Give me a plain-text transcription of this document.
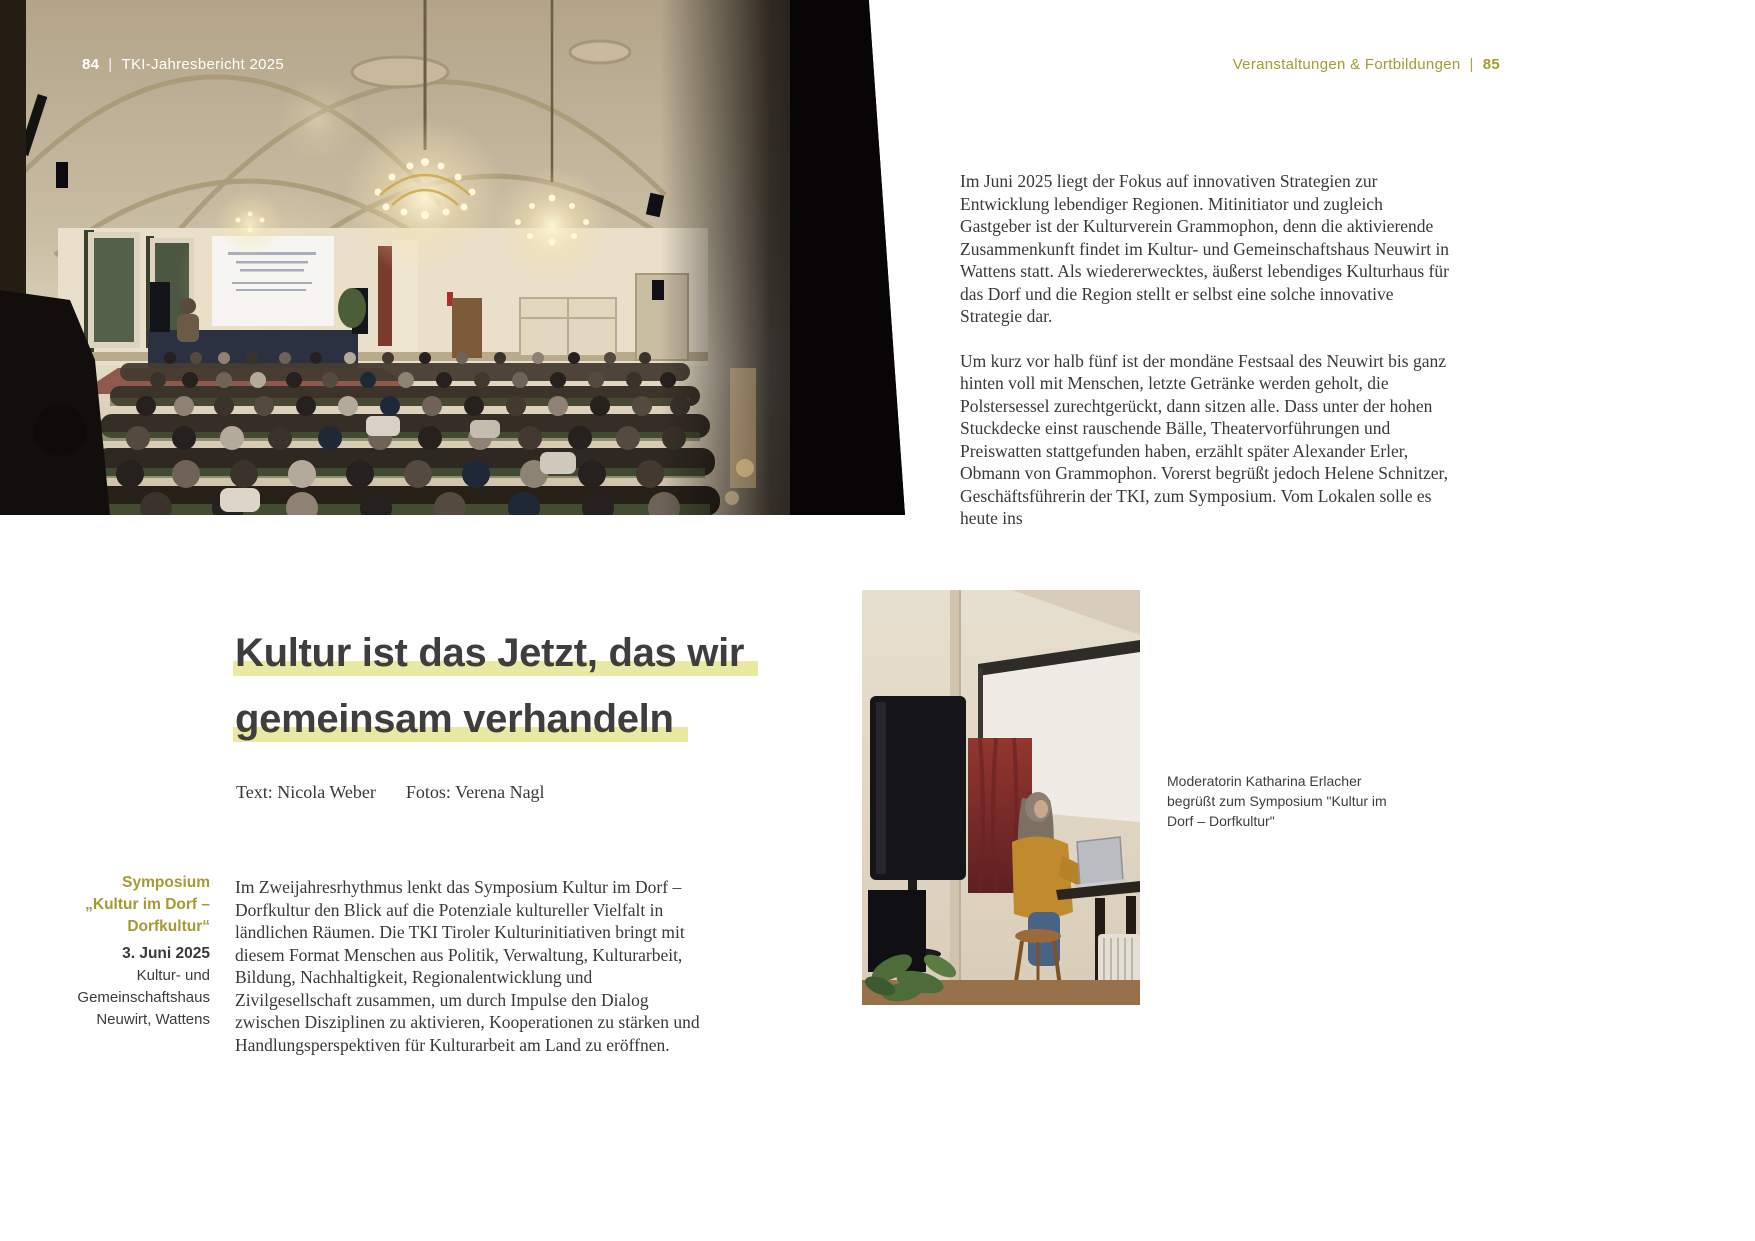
84 | TKI-Jahresbericht 2025
Kultur ist das Jetzt, das wir
gemeinsam verhandeln
Text: Nicola Weber Fotos: Verena Nagl
Symposium
„Kultur im Dorf –
Dorfkultur“
3. Juni 2025
Kultur- und
Gemeinschaftshaus
Neuwirt, Wattens
Im Zweijahresrhythmus lenkt das Symposium Kultur im Dorf – Dorfkultur den Blick auf die Potenziale kultureller Vielfalt in ländlichen Räumen. Die TKI Tiroler Kulturinitiativen bringt mit diesem Format Menschen aus Politik, Verwaltung, Kulturarbeit, Bildung, Nachhaltigkeit, Regionalentwicklung und Zivilgesellschaft zusammen, um durch Impulse den Dialog zwischen Disziplinen zu aktivieren, Kooperationen zu stärken und Handlungsperspektiven für Kulturarbeit am Land zu eröffnen.
Veranstaltungen & Fortbildungen | 85

Im Juni 2025 liegt der Fokus auf innovativen Strategien zur Entwicklung lebendiger Regionen. Mitinitiator und zugleich Gastgeber ist der Kulturverein Grammophon, denn die aktivierende Zusammenkunft findet im Kultur- und Gemeinschaftshaus Neuwirt in Wattens statt. Als wiedererwecktes, äußerst lebendiges Kulturhaus für das Dorf und die Region stellt er selbst eine solche innovative Strategie dar.

Um kurz vor halb fünf ist der mondäne Festsaal des Neuwirt bis ganz hinten voll mit Menschen, letzte Getränke werden geholt, die Polstersessel zurechtgerückt, dann sitzen alle. Dass unter der hohen Stuckdecke einst rauschende Bälle, Theatervorführungen und Preiswatten stattgefunden haben, erzählt später Alexander Erler, Obmann von Grammophon. Vorerst begrüßt jedoch Helene Schnitzer, Geschäftsführerin der TKI, zum Symposium. Vom Lokalen solle es heute ins

Moderatorin Katharina Erlacher begrüßt zum Symposium "Kultur im Dorf – Dorfkultur"
